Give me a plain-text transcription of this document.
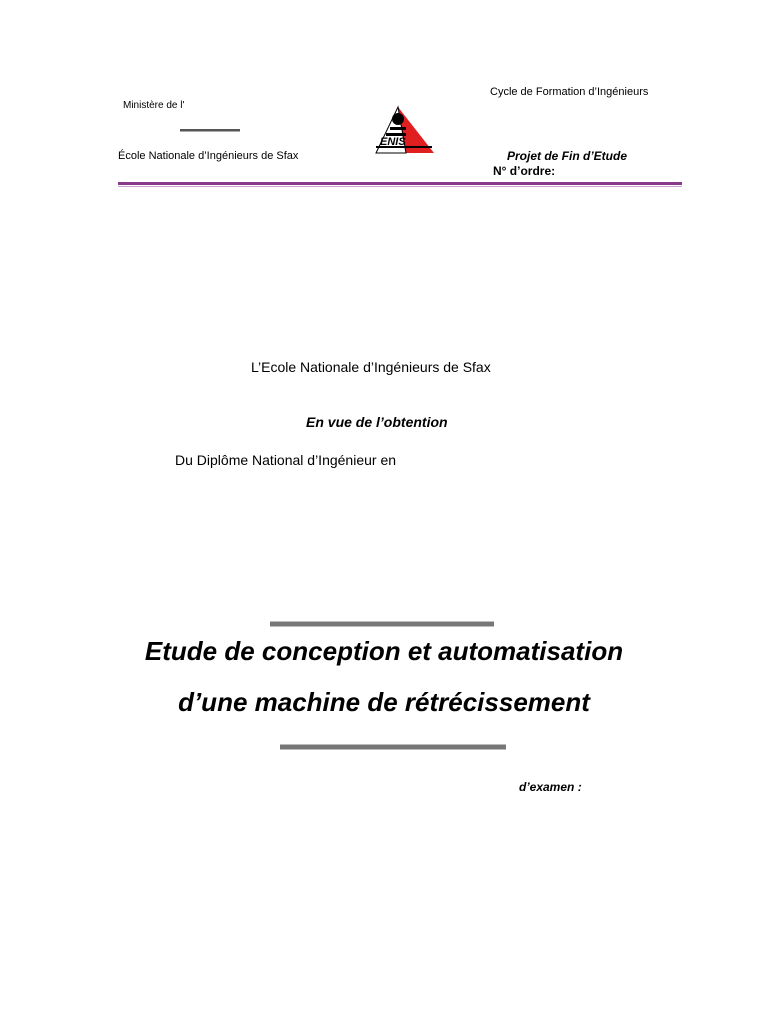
Ministère de l'
École Nationale d’Ingénieurs de Sfax
ENIS
Cycle de Formation d’Ingénieurs
Projet de Fin d’Etude
N° d’ordre:
L’Ecole Nationale d’Ingénieurs de Sfax
En vue de l’obtention
Du Diplôme National d’Ingénieur en
Etude de conception et automatisation
d’une machine de rétrécissement
d’examen :
